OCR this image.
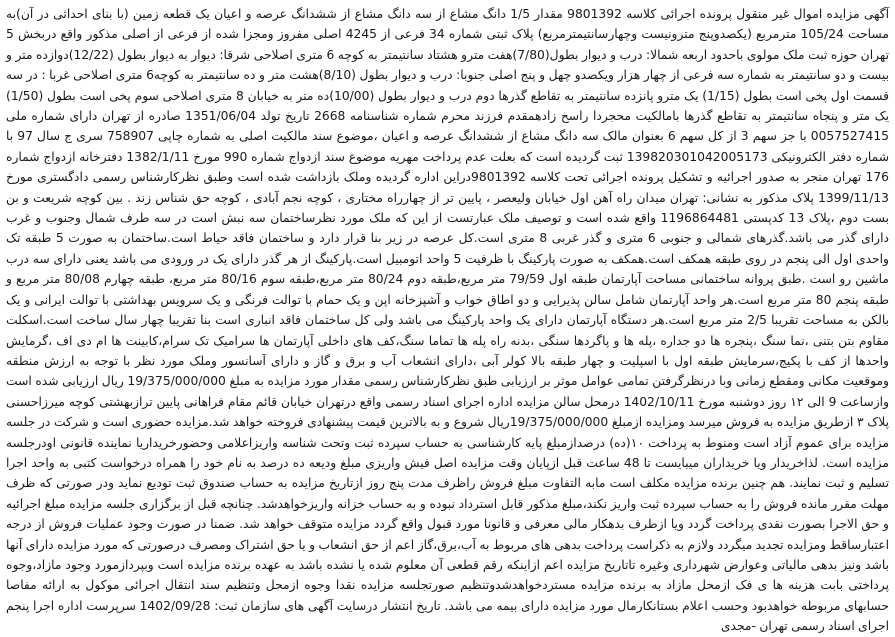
آگهی مزایده اموال غیر منقول پرونده اجرائی کلاسه 9801392 مقدار 1/5 دانگ مشاع از سه دانگ مشاع از ششدانگ عرصه و اعیان یک قطعه زمین (با بنای احداثی در آن)به مساحت 105/24 مترمربع (یکصدوپنج مترونیست وچهارسانتیمترمربع) پلاک ثبتی شماره 34 فرعی از 4245 اصلی مفروز ومجزا شده از فرعی از اصلی مذکور واقع دربخش 5 تهران حوزه ثبت ملک مولوی باحدود اربعه شمالا: درب و دیوار بطول(7/80)هفت مترو هشتاد سانتیمتر به کوچه 6 متری اصلاحی شرقا: دیوار به دیوار بطول (12/22)دوازده متر و بیست و دو سانتیمتر به شماره سه فرعی از چهار هزار ویکصدو چهل و پنج اصلی جنوبا: درب و دیوار بطول (8/10)هشت متر و ده سانتیمتر به کوچه6 متری اصلاحی غربا : در سه قسمت اول پخی است بطول (1/15) یک مترو پانزده سانتیمتر به تقاطع گذرها دوم درب و دیوار بطول (10/00)ده متر به خیابان 8 متری اصلاحی سوم پخی است بطول (1/50) یک متر و پنجاه سانتیمتر به تقاطع گذرها بامالکیت محجردا راسخ زادهمقدم فرزند محرم شماره شناسنامه 2668 تاریخ تولد 1351/06/04 صادره از تهران دارای شماره ملی 0057527415 با جز سهم 3 از کل سهم 6 بعنوان مالک سه دانگ مشاع از ششدانگ عرصه و اعیان ،موضوع سند مالکیت اصلی به شماره چاپی 758907 سری ج سال 97 با شماره دفتر الکترونیکی 139820301042005173 ثبت گردیده است که بعلت عدم پرداخت مهریه موضوع سند ازدواج شماره 990 مورخ 1382/1/11 دفترخانه ازدواج شماره 176 تهران منجر به صدور اجرائیه و تشکیل پرونده اجرائی تحت کلاسه 9801392دراین اداره گردیده وملک بازداشت شده است وطبق نظرکارشناس رسمی دادگستری مورخ 1399/11/13 پلاک مذکور به نشانی: تهران میدان راه آهن اول خیابان ولیعصر ، پایین تر از چهارراه مختاری ، کوچه نجم آبادی ، کوچه حق شناس زند . بین کوچه شریعت و بن بست دوم ،پلاک 13 کدپستی 1196864481 واقع شده است و توصیف ملک عبارتست از این که ملک مورد نظرساختمان سه نبش است در سه طرف شمال وجنوب و غرب دارای گذر می باشد.گذرهای شمالی و جنوبی 6 متری و گذر غربی 8 متری است.کل عرصه در زیر بنا قرار دارد و ساختمان فاقد حیاط است.ساختمان به صورت 5 طبقه تک واحدی اول الی پنجم در روی طبقه همکف است.همکف به صورت پارکینگ با ظرفیت 5 واحد اتومبیل است.پارکینگ از هر گذر دارای یک در ورودی می باشد یعنی دارای سه درب ماشین رو است .طبق پروانه ساختمانی مساحت آپارتمان طبقه اول 79/59 متر مربع،طبقه دوم 80/24 متر مربع،طبقه سوم 80/16 متر مربع، طبقه چهارم 80/08 متر مربع و طبقه پنجم 80 متر مربع است.هر واحد آپارتمان شامل سالن پذیرایی و دو اطاق خواب و آشپزخانه اپن و یک حمام با توالت فرنگی و یک سرویس بهداشتی با توالت ایرانی و یک بالکن به مساحت تقریبا 2/5 متر مربع است.هر دستگاه آپارتمان دارای یک واحد پارکینگ می باشد ولی کل ساختمان فاقد انباری است بنا تقریبا چهار سال ساخت است.اسکلت مقاوم بتن بتنی ،نما سنگ ،پنجره ها دو جداره ،پله ها و پاگردها سنگی ،بدنه راه پله ها تماما سنگ،کف های داخلی آپارتمان ها سرامیک تک سرام،کابینت ها ام دی اف ،گرمایش واحدها از کف با پکیج،سرمایش طبقه اول با اسپلیت و چهار طبقه بالا کولر آبی ،دارای انشعاب آب و برق و گاز و دارای آسانسور وملک مورد نظر با توجه به ارزش منطقه وموقعیت مکانی ومقطع زمانی وبا درنظرگرفتن تمامی عوامل موثر بر ارزیابی طبق نظرکارشناس رسمی مقدار مورد مزایده به مبلغ 19/375/000/000 ریال ارزیابی شده است وازساعت 9 الی ۱۲ روز دوشنبه مورخ 1402/10/11 درمحل سالن مزایده اداره اجرای اسناد رسمی واقع درتهران خیابان قائم مقام فراهانی پایین ترازبهشتی کوچه میرزاحسنی پلاک ۳ ازطریق مزایده به فروش میرسد ومزایده ازمبلغ 19/375/000/000ریال شروع و به بالاترین قیمت پیشنهادی فروخته خواهد شد.مزایده حضوری است و شرکت در جلسه مزایده برای عموم آزاد است ومنوط به پرداخت ۱۰(ده) درصدازمبلغ پایه کارشناسی به حساب سپرده ثبت وتحت شناسه واریزاعلامی وحضورخریداریا نماینده قانونی اودرجلسه مزایده است. لذاخریدار ویا خریداران میبایست تا 48 ساعت قبل ازپایان وقت مزایده اصل فیش واریزی مبلغ ودیعه ده درصد به نام خود را همراه درخواست کتبی به واحد اجرا تسلیم و ثبت نمایند. هم چنین برنده مزایده مکلف است مابه التفاوت مبلغ فروش راظرف مدت پنج روز ازتاریخ مزایده به حساب صندوق ثبت تودیع نماید ودر صورتی که ظرف مهلت مقرر مانده فروش را به حساب سپرده ثبت واریز نکند،مبلغ مذکور قابل استرداد نبوده و به حساب خزانه واریزخواهدشد. چنانچه قبل از برگزاری جلسه مزایده مبلغ اجرائیه و حق الاجرا بصورت نقدی پرداخت گردد ویا ازطرف بدهکار مالی معرفی و قانونا مورد قبول واقع گردد مزایده متوقف خواهد شد. ضمنا در صورت وجود عملیات فروش از درجه اعتبارساقط ومزایده تجدید میگردد ولازم به ذکراست پرداخت بدهی های مربوط به آب،برق،گاز اعم از حق انشعاب و یا حق اشتراک ومصرف درصورتی که مورد مزایده دارای آنها باشد ونیز بدهی مالیاتی وعوارض شهرداری وغیره تاتاریخ مزایده اعم ازاینکه رقم قطعی آن معلوم شده یا نشده باشد به عهده برنده مزایده است وبپردازمورد وجود مازاد،وجوه پرداختی بابت هزینه ها ی فک ازمحل مازاد به برنده مزایده مستردخواهدشدوتنظیم صورتجلسه مزایده نقدا وجوه ازمحل وتنظیم سند انتقال اجرائی موکول به ارائه مفاصا حسابهای مربوطه خواهدبود وحسب اعلام بستانکارمال مورد مزایده دارای بیمه می باشد. تاریخ انتشار درسایت آگهی های سازمان ثبت: 1402/09/28 سرپرست اداره اجرا پنجم اجرای اسناد رسمی تهران -مجدی
